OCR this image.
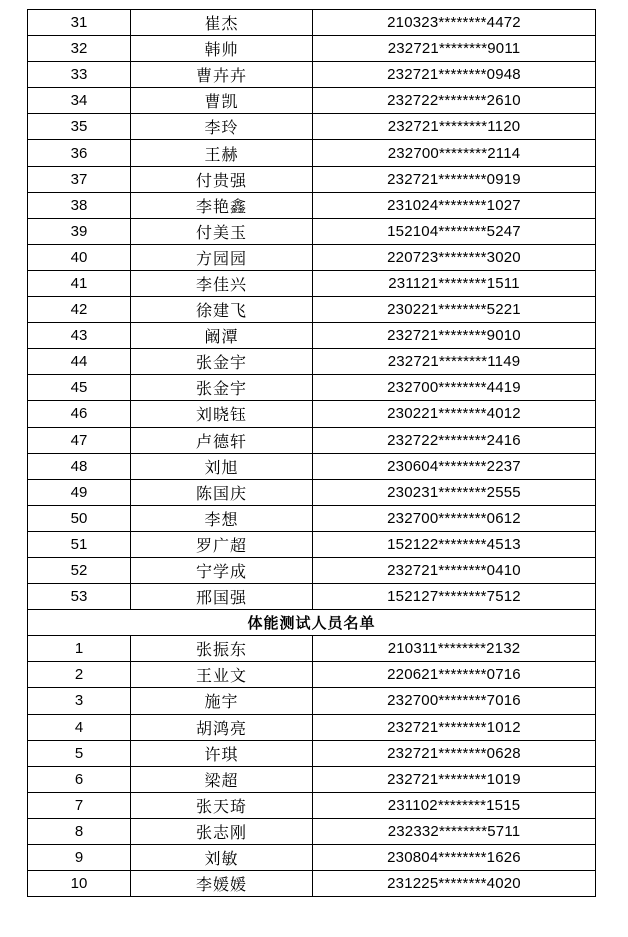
31	崔杰	210323********4472
32	韩帅	232721********9011
33	曹卉卉	232721********0948
34	曹凯	232722********2610
35	李玲	232721********1120
36	王赫	232700********2114
37	付贵强	232721********0919
38	李艳鑫	231024********1027
39	付美玉	152104********5247
40	方园园	220723********3020
41	李佳兴	231121********1511
42	徐建飞	230221********5221
43	阚潭	232721********9010
44	张金宇	232721********1149
45	张金宇	232700********4419
46	刘晓钰	230221********4012
47	卢德轩	232722********2416
48	刘旭	230604********2237
49	陈国庆	230231********2555
50	李想	232700********0612
51	罗广超	152122********4513
52	宁学成	232721********0410
53	邢国强	152127********7512
体能测试人员名单		
1	张振东	210311********2132
2	王业文	220621********0716
3	施宇	232700********7016
4	胡鸿亮	232721********1012
5	许琪	232721********0628
6	梁超	232721********1019
7	张天琦	231102********1515
8	张志刚	232332********5711
9	刘敏	230804********1626
10	李媛媛	231225********4020
